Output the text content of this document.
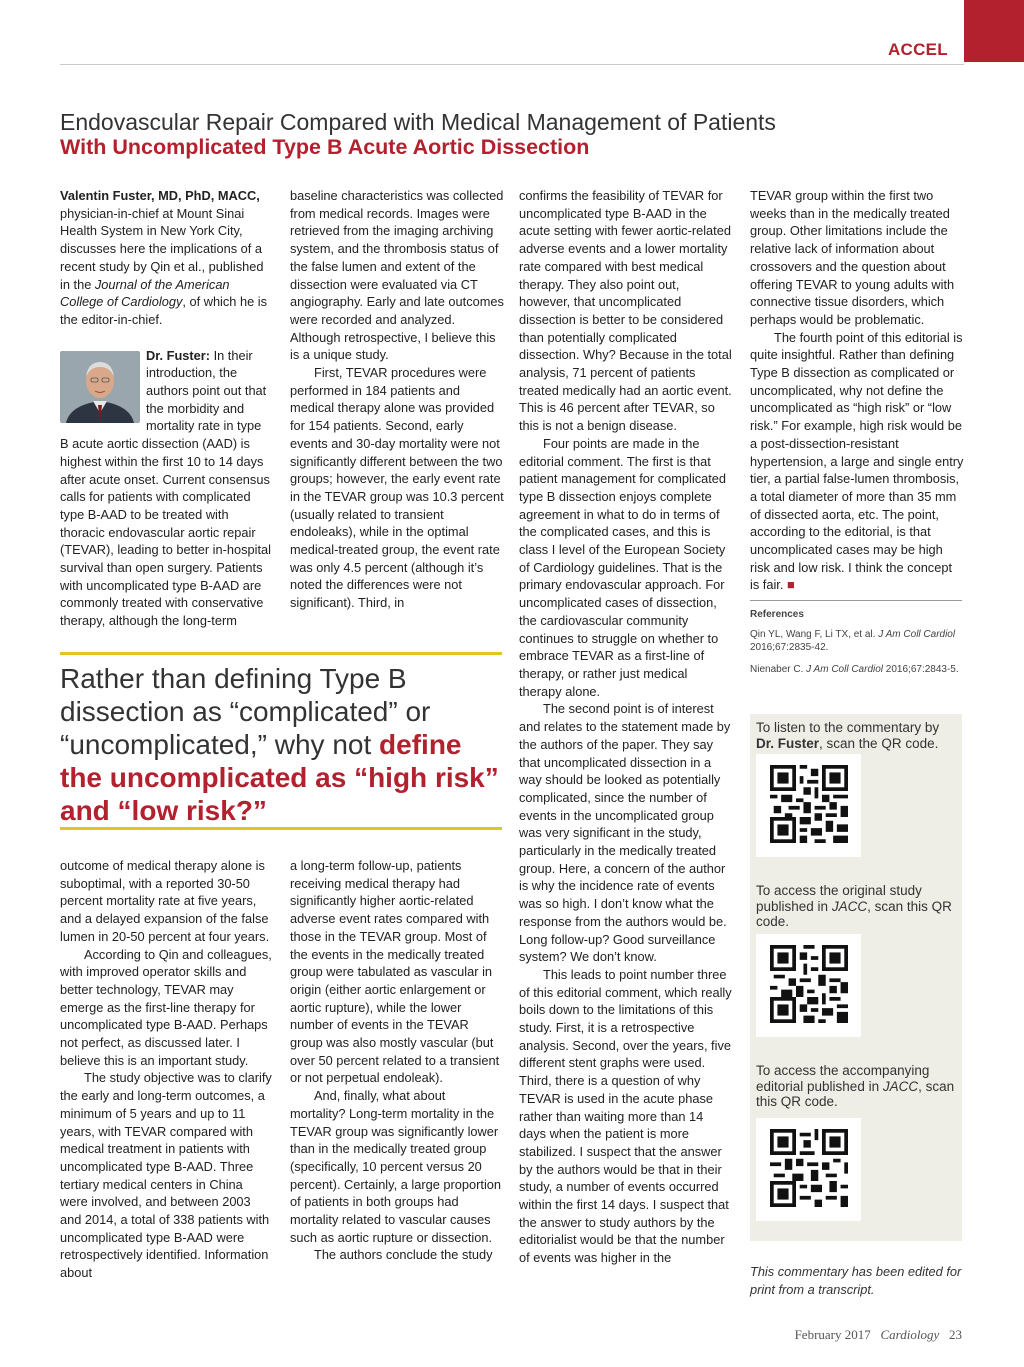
ACCEL
Endovascular Repair Compared with Medical Management of Patients
With Uncomplicated Type B Acute Aortic Dissection

Valentin Fuster, MD, PhD, MACC, physician-in-chief at Mount Sinai Health System in New York City, discusses here the implications of a recent study by Qin et al., published in the Journal of the American College of Cardiology, of which he is the editor-in-chief.

Dr. Fuster: In their introduction, the authors point out that the morbidity and mortality rate in type B acute aortic dissection (AAD) is highest within the first 10 to 14 days after acute onset. Current consensus calls for patients with complicated type B-AAD to be treated with thoracic endovascular aortic repair (TEVAR), leading to better in-hospital survival than open surgery. Patients with uncomplicated type B-AAD are commonly treated with conservative therapy, although the long-term

Rather than defining Type B dissection as “complicated” or “uncomplicated,” why not define the uncomplicated as “high risk” and “low risk?”

outcome of medical therapy alone is suboptimal, with a reported 30-50 percent mortality rate at five years, and a delayed expansion of the false lumen in 20-50 percent at four years.

According to Qin and colleagues, with improved operator skills and better technology, TEVAR may emerge as the first-line therapy for uncomplicated type B-AAD. Perhaps not perfect, as discussed later. I believe this is an important study.

The study objective was to clarify the early and long-term outcomes, a minimum of 5 years and up to 11 years, with TEVAR compared with medical treatment in patients with uncomplicated type B-AAD. Three tertiary medical centers in China were involved, and between 2003 and 2014, a total of 338 patients with uncomplicated type B-AAD were retrospectively identified. Information about

baseline characteristics was collected from medical records. Images were retrieved from the imaging archiving system, and the thrombosis status of the false lumen and extent of the dissection were evaluated via CT angiography. Early and late outcomes were recorded and analyzed. Although retrospective, I believe this is a unique study.

First, TEVAR procedures were performed in 184 patients and medical therapy alone was provided for 154 patients. Second, early events and 30-day mortality were not significantly different between the two groups; however, the early event rate in the TEVAR group was 10.3 percent (usually related to transient endoleaks), while in the optimal medical-treated group, the event rate was only 4.5 percent (although it’s noted the differences were not significant). Third, in

a long-term follow-up, patients receiving medical therapy had significantly higher aortic-related adverse event rates compared with those in the TEVAR group. Most of the events in the medically treated group were tabulated as vascular in origin (either aortic enlargement or aortic rupture), while the lower number of events in the TEVAR group was also mostly vascular (but over 50 percent related to a transient or not perpetual endoleak).

And, finally, what about mortality? Long-term mortality in the TEVAR group was significantly lower than in the medically treated group (specifically, 10 percent versus 20 percent). Certainly, a large proportion of patients in both groups had mortality related to vascular causes such as aortic rupture or dissection.

The authors conclude the study

confirms the feasibility of TEVAR for uncomplicated type B-AAD in the acute setting with fewer aortic-related adverse events and a lower mortality rate compared with best medical therapy. They also point out, however, that uncomplicated dissection is better to be considered than potentially complicated dissection. Why? Because in the total analysis, 71 percent of patients treated medically had an aortic event. This is 46 percent after TEVAR, so this is not a benign disease.

Four points are made in the editorial comment. The first is that patient management for complicated type B dissection enjoys complete agreement in what to do in terms of the complicated cases, and this is class I level of the European Society of Cardiology guidelines. That is the primary endovascular approach. For uncomplicated cases of dissection, the cardiovascular community continues to struggle on whether to embrace TEVAR as a first-line of therapy, or rather just medical therapy alone.

The second point is of interest and relates to the statement made by the authors of the paper. They say that uncomplicated dissection in a way should be looked as potentially complicated, since the number of events in the uncomplicated group was very significant in the study, particularly in the medically treated group. Here, a concern of the author is why the incidence rate of events was so high. I don’t know what the response from the authors would be. Long follow-up? Good surveillance system? We don’t know.

This leads to point number three of this editorial comment, which really boils down to the limitations of this study. First, it is a retrospective analysis. Second, over the years, five different stent graphs were used. Third, there is a question of why TEVAR is used in the acute phase rather than waiting more than 14 days when the patient is more stabilized. I suspect that the answer by the authors would be that in their study, a number of events occurred within the first 14 days. I suspect that the answer to study authors by the editorialist would be that the number of events was higher in the

TEVAR group within the first two weeks than in the medically treated group. Other limitations include the relative lack of information about crossovers and the question about offering TEVAR to young adults with connective tissue disorders, which perhaps would be problematic.

The fourth point of this editorial is quite insightful. Rather than defining Type B dissection as complicated or uncomplicated, why not define the uncomplicated as “high risk” or “low risk.” For example, high risk would be a post-dissection-resistant hypertension, a large and single entry tier, a partial false-lumen thrombosis, a total diameter of more than 35 mm of dissected aorta, etc. The point, according to the editorial, is that uncomplicated cases may be high risk and low risk. I think the concept is fair. ■

References

Qin YL, Wang F, Li TX, et al. J Am Coll Cardiol 2016;67:2835-42.

Nienaber C. J Am Coll Cardiol 2016;67:2843-5.

To listen to the commentary by Dr. Fuster, scan the QR code.
To access the original study published in JACC, scan this QR code.
To access the accompanying editorial published in JACC, scan this QR code.
This commentary has been edited for print from a transcript.
February 2017 Cardiology 23
